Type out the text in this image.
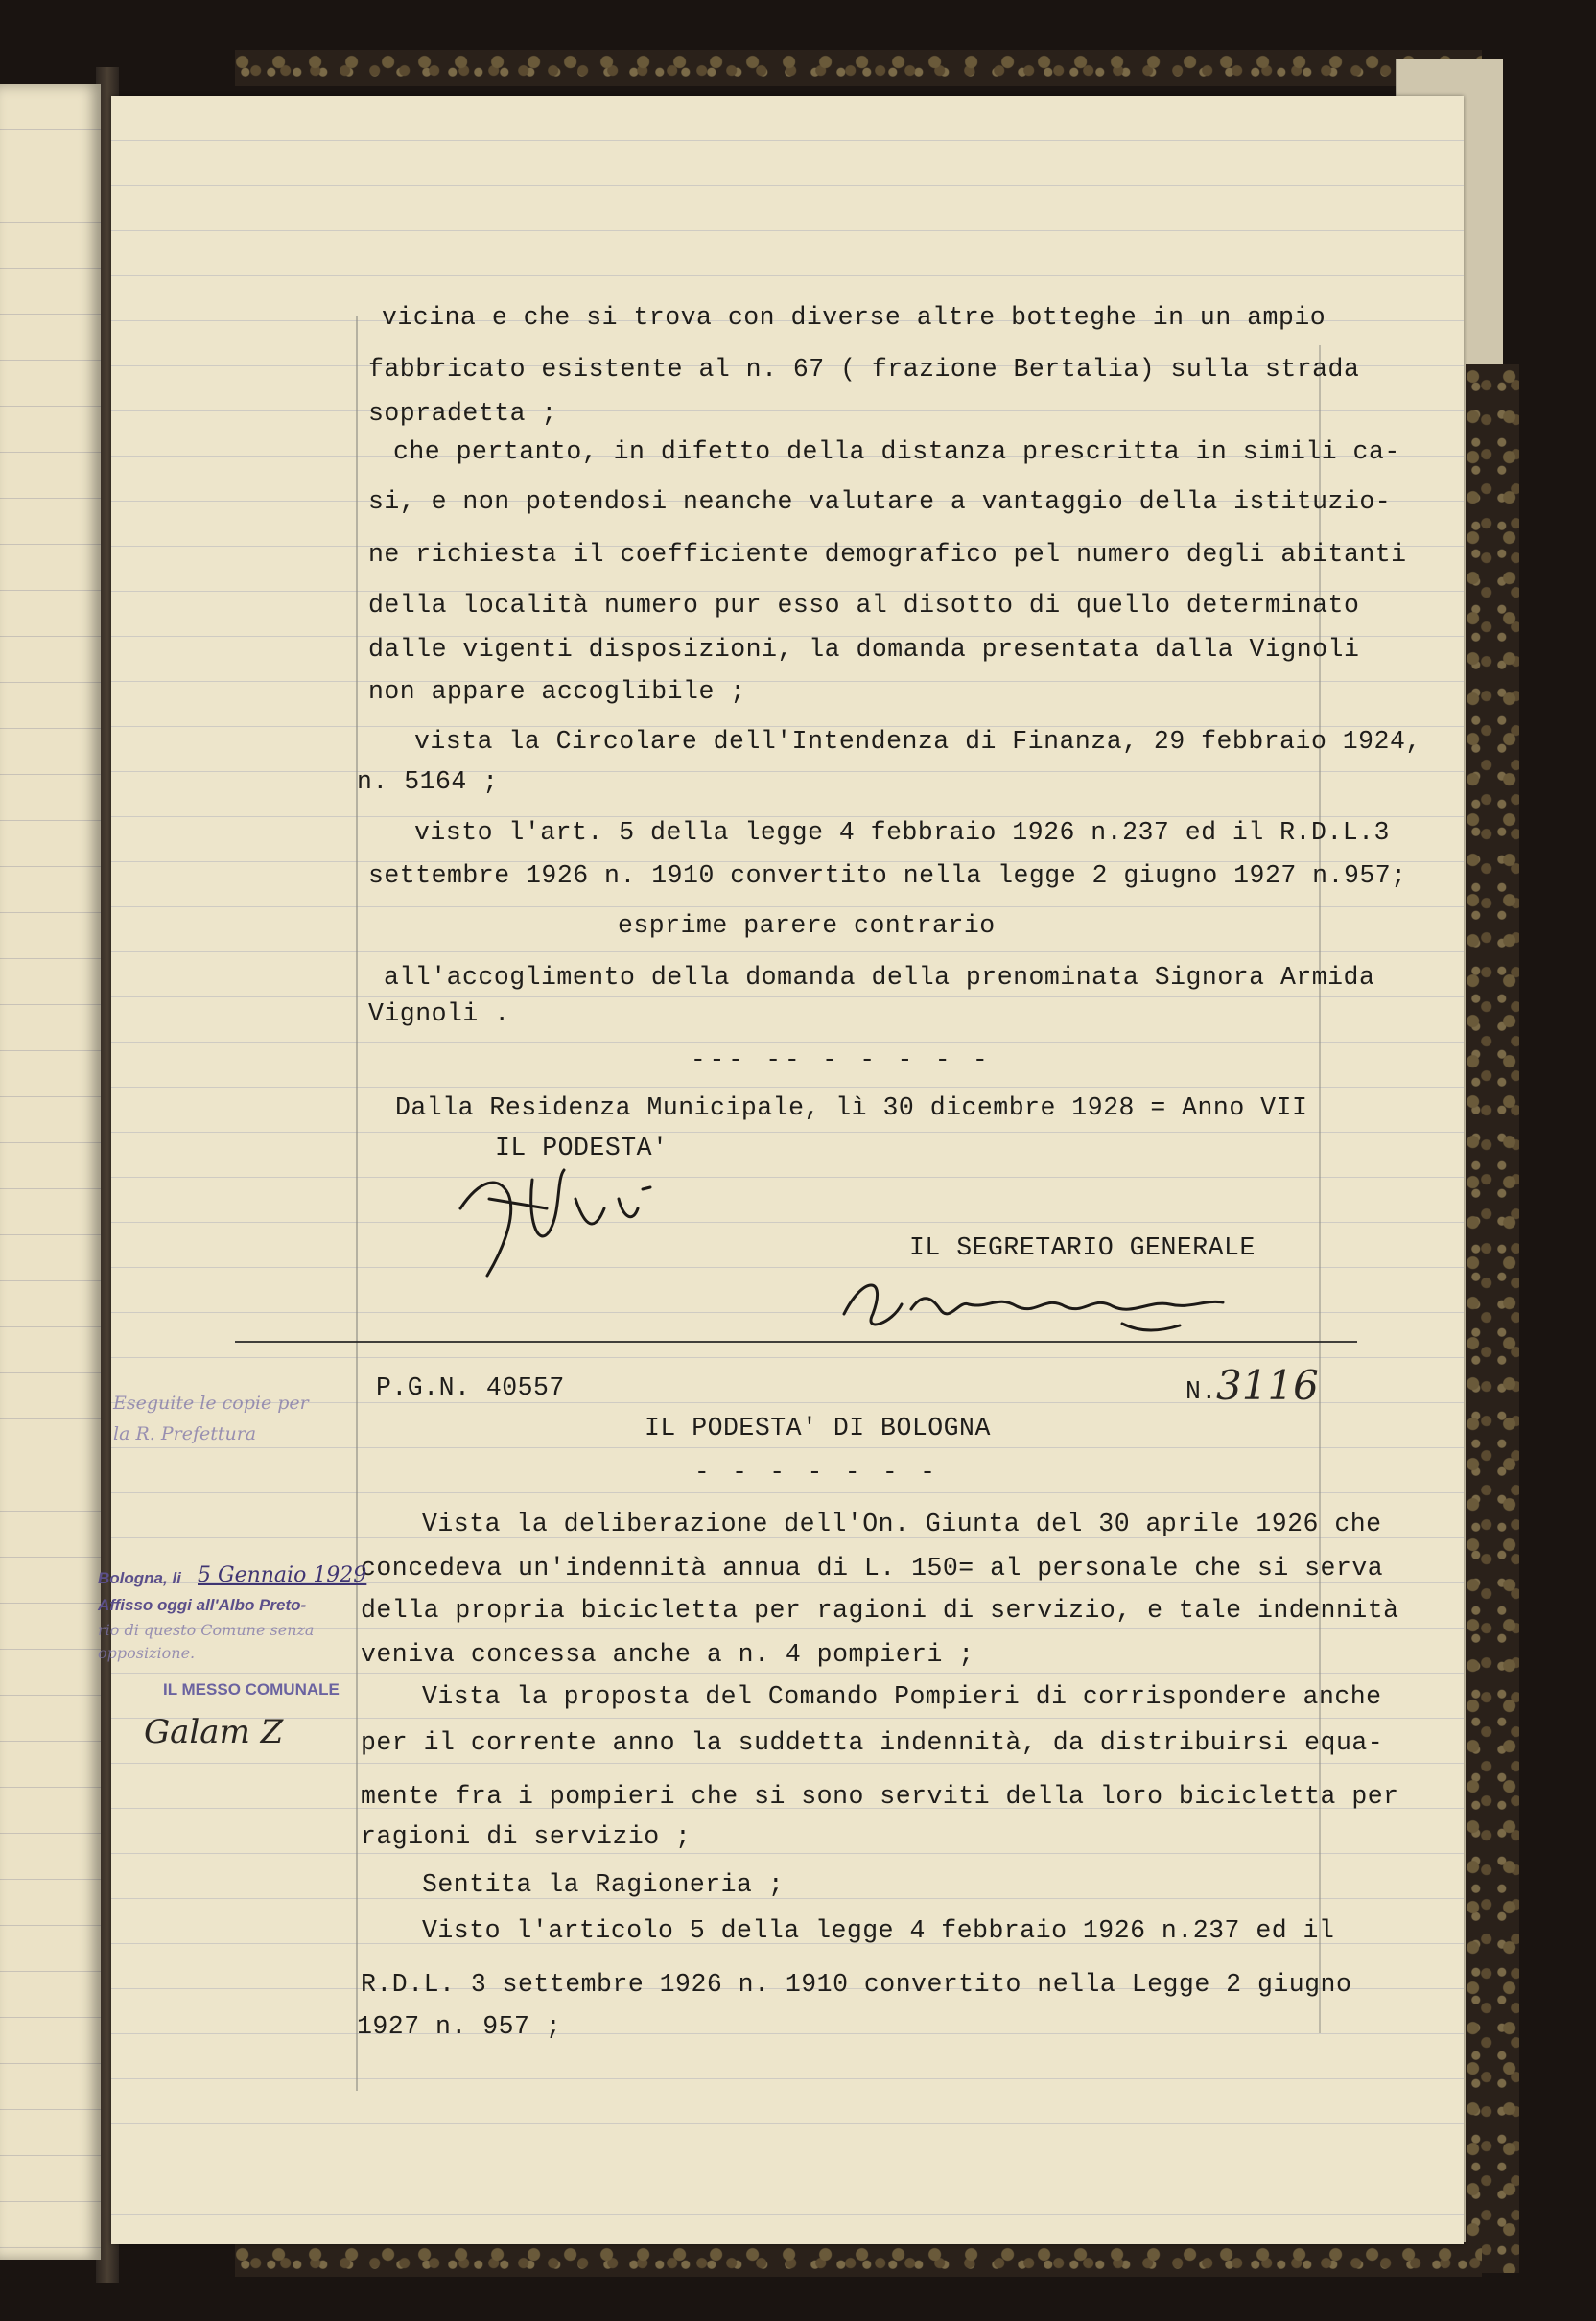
vicina e che si trova con diverse altre botteghe in un ampio
fabbricato esistente al n. 67 ( frazione Bertalia) sulla strada
sopradetta ;
che pertanto, in difetto della distanza prescritta in simili ca-
si, e non potendosi neanche valutare a vantaggio della istituzio-
ne richiesta il coefficiente demografico pel numero degli abitanti
della località numero pur esso al disotto di quello determinato
dalle vigenti disposizioni, la domanda presentata dalla Vignoli
non appare accoglibile ;
vista la Circolare dell'Intendenza di Finanza, 29 febbraio 1924,
n. 5164 ;
visto l'art. 5 della legge 4 febbraio 1926 n.237 ed il R.D.L.3
settembre 1926 n. 1910 convertito nella legge 2 giugno 1927 n.957;
esprime parere contrario
all'accoglimento della domanda della prenominata Signora Armida
Vignoli .
--- -- - - - - -
Dalla Residenza Municipale, lì 30 dicembre 1928 = Anno VII
IL PODESTA'
IL SEGRETARIO GENERALE
P.G.N. 40557	N. 3116
IL PODESTA' DI BOLOGNA
- - - - - - -
Vista la deliberazione dell'On. Giunta del 30 aprile 1926 che
concedeva un'indennità annua di L. 150= al personale che si serva
della propria bicicletta per ragioni di servizio, e tale indennità
veniva concessa anche a n. 4 pompieri ;
Vista la proposta del Comando Pompieri di corrispondere anche
per il corrente anno la suddetta indennità, da distribuirsi equa-
mente fra i pompieri che si sono serviti della loro bicicletta per
ragioni di servizio ;
Sentita la Ragioneria ;
Visto l'articolo 5 della legge 4 febbraio 1926 n.237 ed il
R.D.L. 3 settembre 1926 n. 1910 convertito nella Legge 2 giugno
1927 n. 957 ;
Eseguite le copie per
la R. Prefettura
Bologna, li 5 Gennaio 1929
Affisso oggi all'Albo Preto-
rio di questo Comune senza
opposizione.
IL MESSO COMUNALE
Galam Z
